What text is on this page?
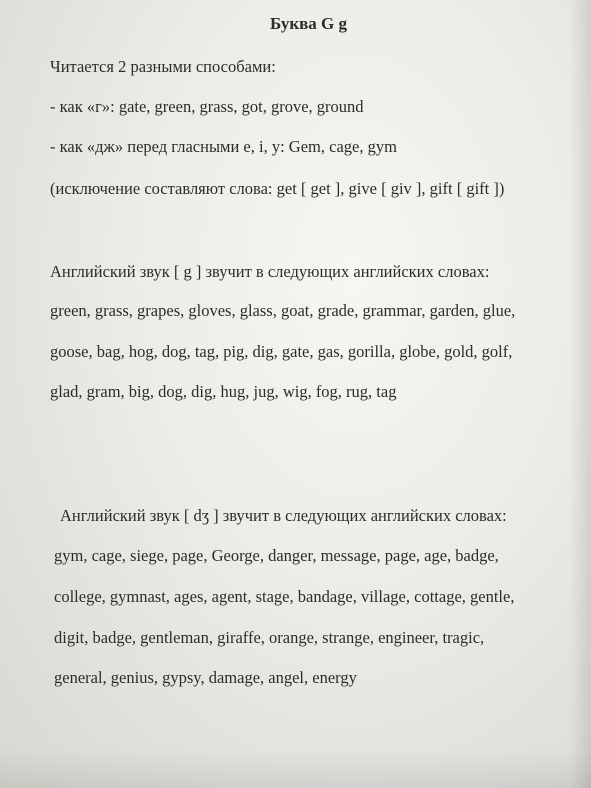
Буква G g
Читается 2 разными способами:
- как «г»: gate, green, grass, got, grove, ground
- как «дж» перед гласными e, i, y: Gem, cage, gym
(исключение составляют слова: get [ get ], give [ giv ], gift [ gift ])
Английский звук [ g ] звучит в следующих английских словах:
green, grass, grapes, gloves, glass, goat, grade, grammar, garden, glue,
goose, bag, hog, dog, tag, pig, dig, gate, gas, gorilla, globe, gold, golf,
glad, gram, big, dog, dig, hug, jug, wig, fog, rug, tag
Английский звук [ dʒ ] звучит в следующих английских словах:
gym, cage, siege, page, George, danger, message, page, age, badge,
college, gymnast, ages, agent, stage, bandage, village, cottage, gentle,
digit, badge, gentleman, giraffe, orange, strange, engineer, tragic,
general, genius, gypsy, damage, angel, energy
